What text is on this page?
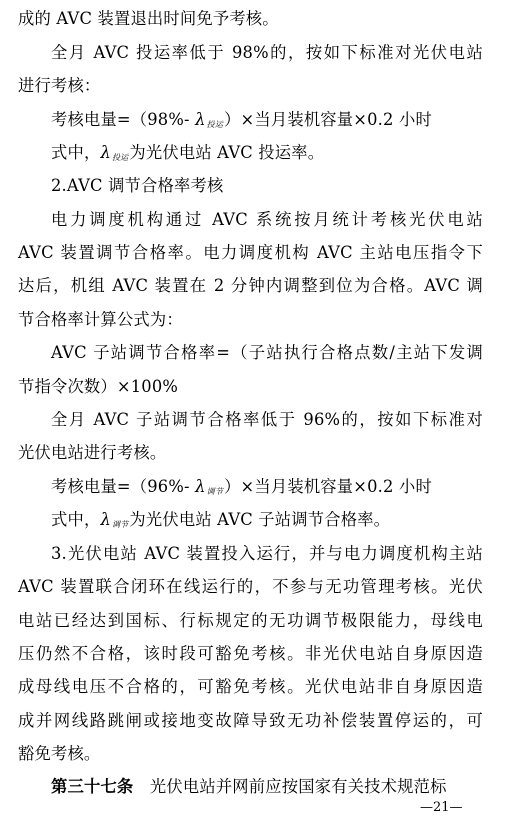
成的 AVC 装置退出时间免予考核。
全月 AVC 投运率低于 98%的，按如下标准对光伏电站
进行考核：
考核电量=（98%- λ投运）×当月装机容量×0.2 小时
式中，λ投运为光伏电站 AVC 投运率。
2.AVC 调节合格率考核
电力调度机构通过 AVC 系统按月统计考核光伏电站
AVC 装置调节合格率。电力调度机构 AVC 主站电压指令下
达后，机组 AVC 装置在 2 分钟内调整到位为合格。AVC 调
节合格率计算公式为：
AVC 子站调节合格率=（子站执行合格点数/主站下发调
节指令次数）×100%
全月 AVC 子站调节合格率低于 96%的，按如下标准对
光伏电站进行考核。
考核电量=（96%- λ调节）×当月装机容量×0.2 小时
式中，λ调节为光伏电站 AVC 子站调节合格率。
3.光伏电站 AVC 装置投入运行，并与电力调度机构主站
AVC 装置联合闭环在线运行的，不参与无功管理考核。光伏
电站已经达到国标、行标规定的无功调节极限能力，母线电
压仍然不合格，该时段可豁免考核。非光伏电站自身原因造
成母线电压不合格的，可豁免考核。光伏电站非自身原因造
成并网线路跳闸或接地变故障导致无功补偿装置停运的，可
豁免考核。
第三十七条　光伏电站并网前应按国家有关技术规范标
—21—
